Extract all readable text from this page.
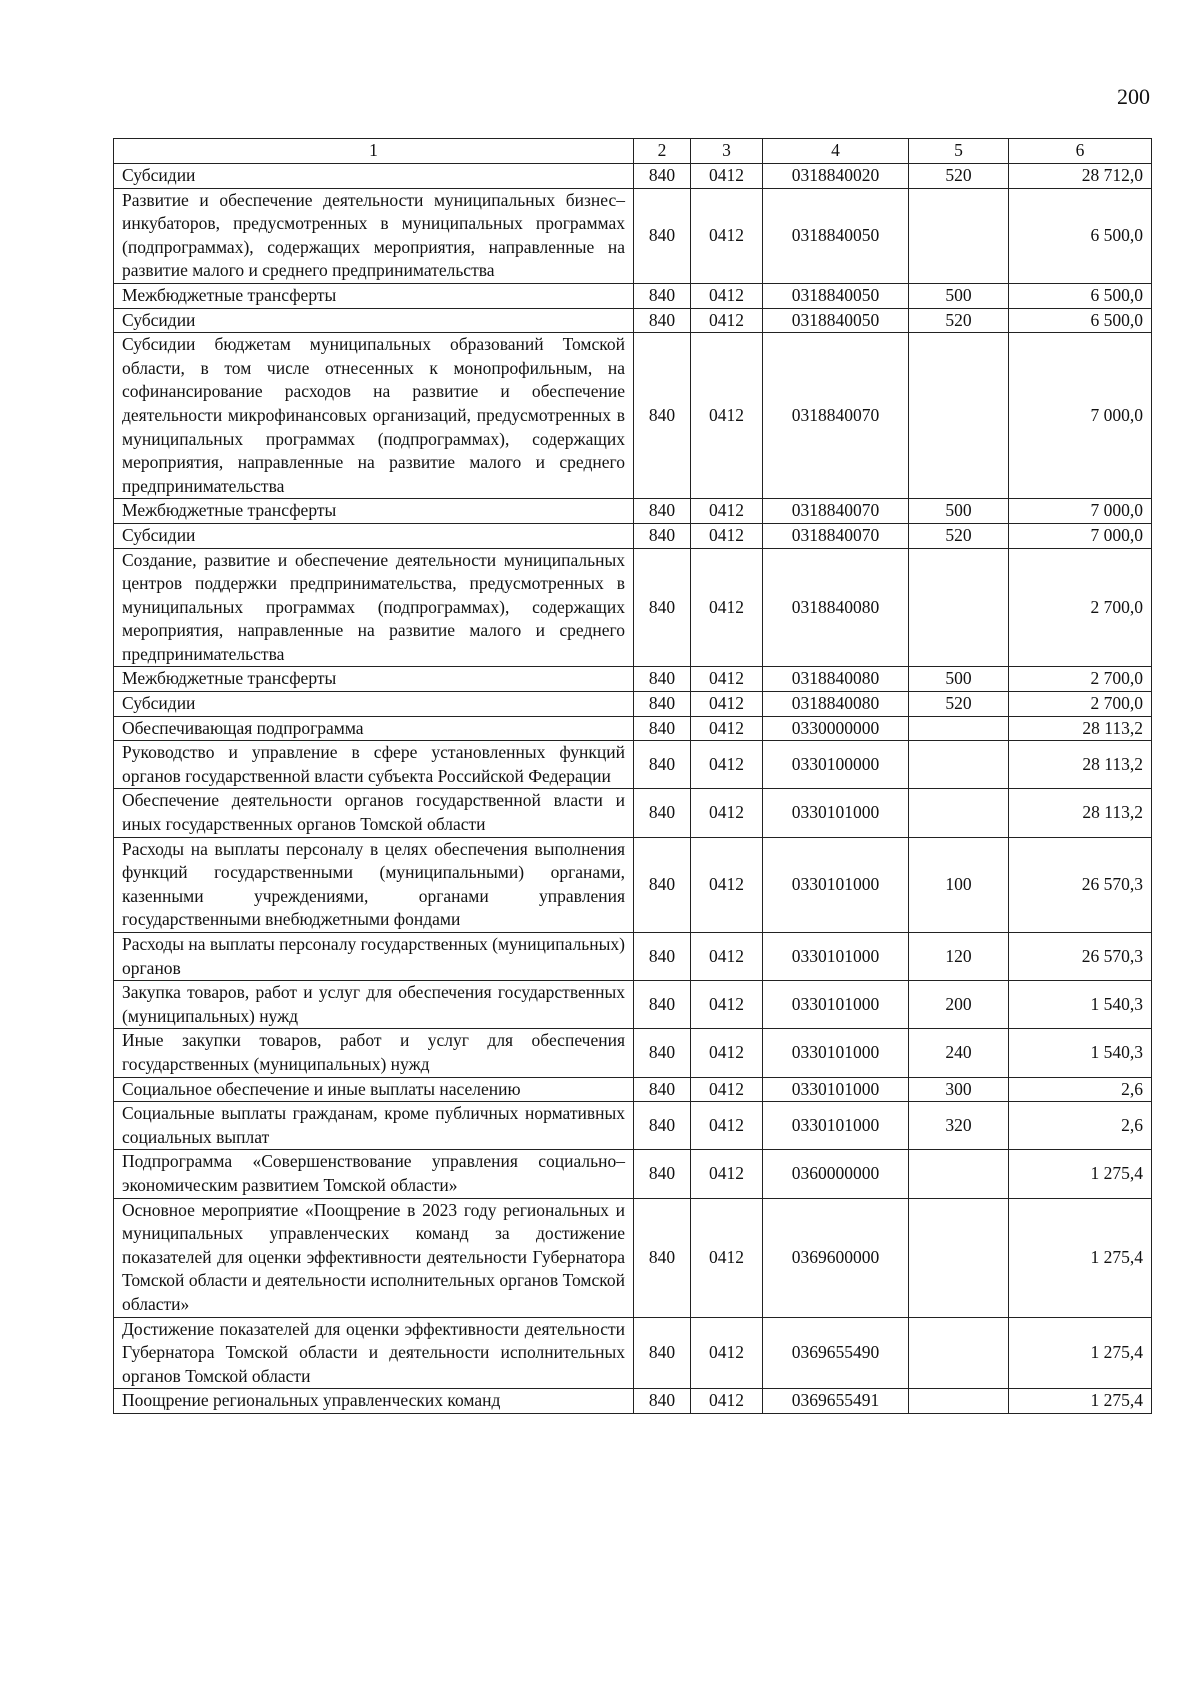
200
1	2	3	4	5	6
Субсидии	840	0412	0318840020	520	28 712,0
Развитие и обеспечение деятельности муниципальных бизнес–инкубаторов, предусмотренных в муниципальных программах (подпрограммах), содержащих мероприятия, направленные на развитие малого и среднего предпринимательства	840	0412	0318840050		6 500,0
Межбюджетные трансферты	840	0412	0318840050	500	6 500,0
Субсидии	840	0412	0318840050	520	6 500,0
Субсидии бюджетам муниципальных образований Томской области, в том числе отнесенных к монопрофильным, на софинансирование расходов на развитие и обеспечение деятельности микрофинансовых организаций, предусмотренных в муниципальных программах (подпрограммах), содержащих мероприятия, направленные на развитие малого и среднего предпринимательства	840	0412	0318840070		7 000,0
Межбюджетные трансферты	840	0412	0318840070	500	7 000,0
Субсидии	840	0412	0318840070	520	7 000,0
Создание, развитие и обеспечение деятельности муниципальных центров поддержки предпринимательства, предусмотренных в муниципальных программах (подпрограммах), содержащих мероприятия, направленные на развитие малого и среднего предпринимательства	840	0412	0318840080		2 700,0
Межбюджетные трансферты	840	0412	0318840080	500	2 700,0
Субсидии	840	0412	0318840080	520	2 700,0
Обеспечивающая подпрограмма	840	0412	0330000000		28 113,2
Руководство и управление в сфере установленных функций органов государственной власти субъекта Российской Федерации	840	0412	0330100000		28 113,2
Обеспечение деятельности органов государственной власти и иных государственных органов Томской области	840	0412	0330101000		28 113,2
Расходы на выплаты персоналу в целях обеспечения выполнения функций государственными (муниципальными) органами, казенными учреждениями, органами управления государственными внебюджетными фондами	840	0412	0330101000	100	26 570,3
Расходы на выплаты персоналу государственных (муниципальных) органов	840	0412	0330101000	120	26 570,3
Закупка товаров, работ и услуг для обеспечения государственных (муниципальных) нужд	840	0412	0330101000	200	1 540,3
Иные закупки товаров, работ и услуг для обеспечения государственных (муниципальных) нужд	840	0412	0330101000	240	1 540,3
Социальное обеспечение и иные выплаты населению	840	0412	0330101000	300	2,6
Социальные выплаты гражданам, кроме публичных нормативных социальных выплат	840	0412	0330101000	320	2,6
Подпрограмма «Совершенствование управления социально–экономическим развитием Томской области»	840	0412	0360000000		1 275,4
Основное мероприятие «Поощрение в 2023 году региональных и муниципальных управленческих команд за достижение показателей для оценки эффективности деятельности Губернатора Томской области и деятельности исполнительных органов Томской области»	840	0412	0369600000		1 275,4
Достижение показателей для оценки эффективности деятельности Губернатора Томской области и деятельности исполнительных органов Томской области	840	0412	0369655490		1 275,4
Поощрение региональных управленческих команд	840	0412	0369655491		1 275,4
